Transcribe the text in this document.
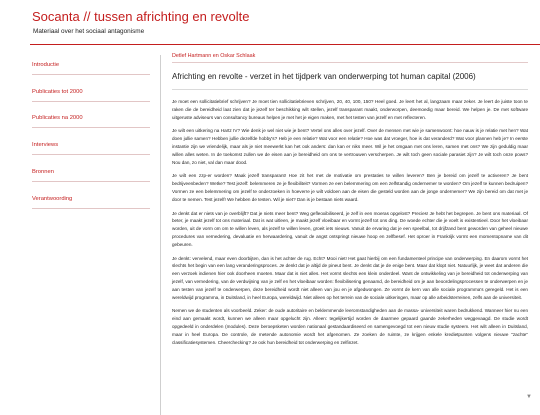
Socanta // tussen africhting en revolte
Materiaal over het sociaal antagonisme
Introductie
Publicaties tot 2000
Publicaties na 2000
Interviews
Bronnen
Verantwoording
Detlef Hartmann en Oskar Schlaak
Africhting en revolte - verzet in het tijdperk van onderwerping tot human capital (2006)

Je moet een sollicitatiebrief schrijven? Je moet tien sollicitatiebrieven schrijven, 20, 40, 100, 150? Heel goed. Je leert het al, langzaam maar zeker. Je leert de juiste toon te raken die de bereidheid laat zien dat je jezelf ter beschikking wilt stellen, jezelf transparant maakt, onderworpen, deemoedig maar bereid. We helpen je. De met software uitgeruste adviseurs van consultancy bureaus helpen je met het je eigen maken, met het testen van jezelf en met reflecteren.

Je wilt een uitkering na Hartz IV? Wie denk je wel niet wie je bent? Vertel ons alles over jezelf. Over de mensen met wie je samenwoont: hoe nauw is je relatie met hen? Wat doen jullie samen? Hebben jullie dezelfde hobby's? Heb je een relatie? Wat voor een relatie? Hoe was dat vroeger, hoe is dat veranderd? Wat voor plannen heb je? In eerste instantie zijn we vriendelijk, maar als je niet meewerkt kan het ook anders: dan kan er niks meer. Wil je het omgaan met ons leren, samen met ons? We zijn geduldig maar willen alles weten. In de toekomst zullen we de eisen aan je bereidheid om ons te vertrouwen verscherpen. Je wilt toch geen sociale parasiet zijn? Je wilt toch onze pows? Nou dan, zo niet, val dan maar dood.

Je wilt een zzp-er worden? Maak jezelf transparant! Hoe zit het met de motivatie om prestaties te willen leveren? Ben je bereid om jezelf te activeren? Je bent bedrijveenbeden? Wetke? Test jezelf: belemmeren ze je flexibiliteit? Vormen ze een belemmering om een zelfstandig ondernemer te worden? Om jezelf te kunnen bedruipen? Vormen ze een belemmering om jezelf te onderzoeken in hoeverre je wilt voldoen aan de eisen die gesteld worden aan de jonge ondernemer? We zijn bereid om dat met je door te nemen. Test jezelf! We hebben de testen. Wil je niet? Dan is je bestaan niets waard.

Je denkt dat er niets van je overblijft? Dat je niets meer bent? Weg gefleoxibiliseerd, je zelf in een moeras opgelost? Precies! Je hebt het begrepen. Je bent ons materiaal. Of beter, je maakt jezelf tot ons materiaal. Dat is wat uitleen, je maakt jezelf vloeibaar en vormt jezelf tot ons ding. De woede echter die je voelt is existentieel. Door het vloeibaar worden, uit de vorm om om te willen leven, als jezelf te willen leven, groeit iets nieuws. Vanuit de ervaring dat je een speelbal, tot drijfzand bent geworden van geheel nieuwe procedures van vernedering, devaluatie en herwaardering, vanuit de angst ontspringt nieuwe hoop en zelfbesef. Het oproer in Frankrijk vormt een momentopname van dit gebeuren.

Je denkt: vervelend, maar even doorbijten, dan is het achter de rug. Echt? Mooi niet! Het gaat hierbij om een fundamenteel principe van onderwerping. En daarom vormt het slechts het begin van een lang veranderingsproces. Je denkt dat je altijd de pineut bent. Je denkt dat je de enige bent. Maar dat klopt niet. Natuurlijk, je weet dat anderen die een verzoek indienen hier ook doorheen moeten. Maar dat is niet alles. Het vormt slechts een klein onderdeel. Want de ontwikkeling van je bereidheid tot onderwerping van jezelf, van vernedering, van de verdwijning van je zelf en het vloeibaar worden: flexibilisering genaamd, de bereidheid om je aan beoordelingsprocessen te onderwerpen en je aan testen van jezelf te onderwerpen, deze bereidheid wordt niet alleen van jou en je afgedwongen. Ze vormt de kern van alle sociale programma's geregeld. Het is een wereldwijd programma, in Duitsland, in heel Europa, wereldwijd. Niet alleen op het terrein van de sociale uitkeringen, maar op alle arbeidsterreinen, zelfs aan de universiteit.

Nemen we de studenten als voorbeeld. Zeker: de oude autoritaire en beklemmende leeromstandigheden aan de massa- universiteit waren bedrukkend. Wanneer hier nu een eind aan gemaakt wordt, kunnen we alleen maar opgelucht zijn. Alleen: tegelijkertijd worden de daarmee gepaard gaande zekerheden weggevaagd. De studie wordt opgedeeld in onderdelen (modules). Deze beroepsketen worden nationaal gestandaardiseerd en samengevoegd tot een nieuw studie systeem. Het wilt alleen in Duitsland, maar in heel Europa. De controle, de metende autonomie wordt het afgenomen. Ze zoeken de ruimte, ze krijgen enkele kredietpunten volgens nieuwe "zachte" classificatiesystemen. Cheerchecking? Je ook hun bereidheid tot onderwerping en zelfinzet.

▼
